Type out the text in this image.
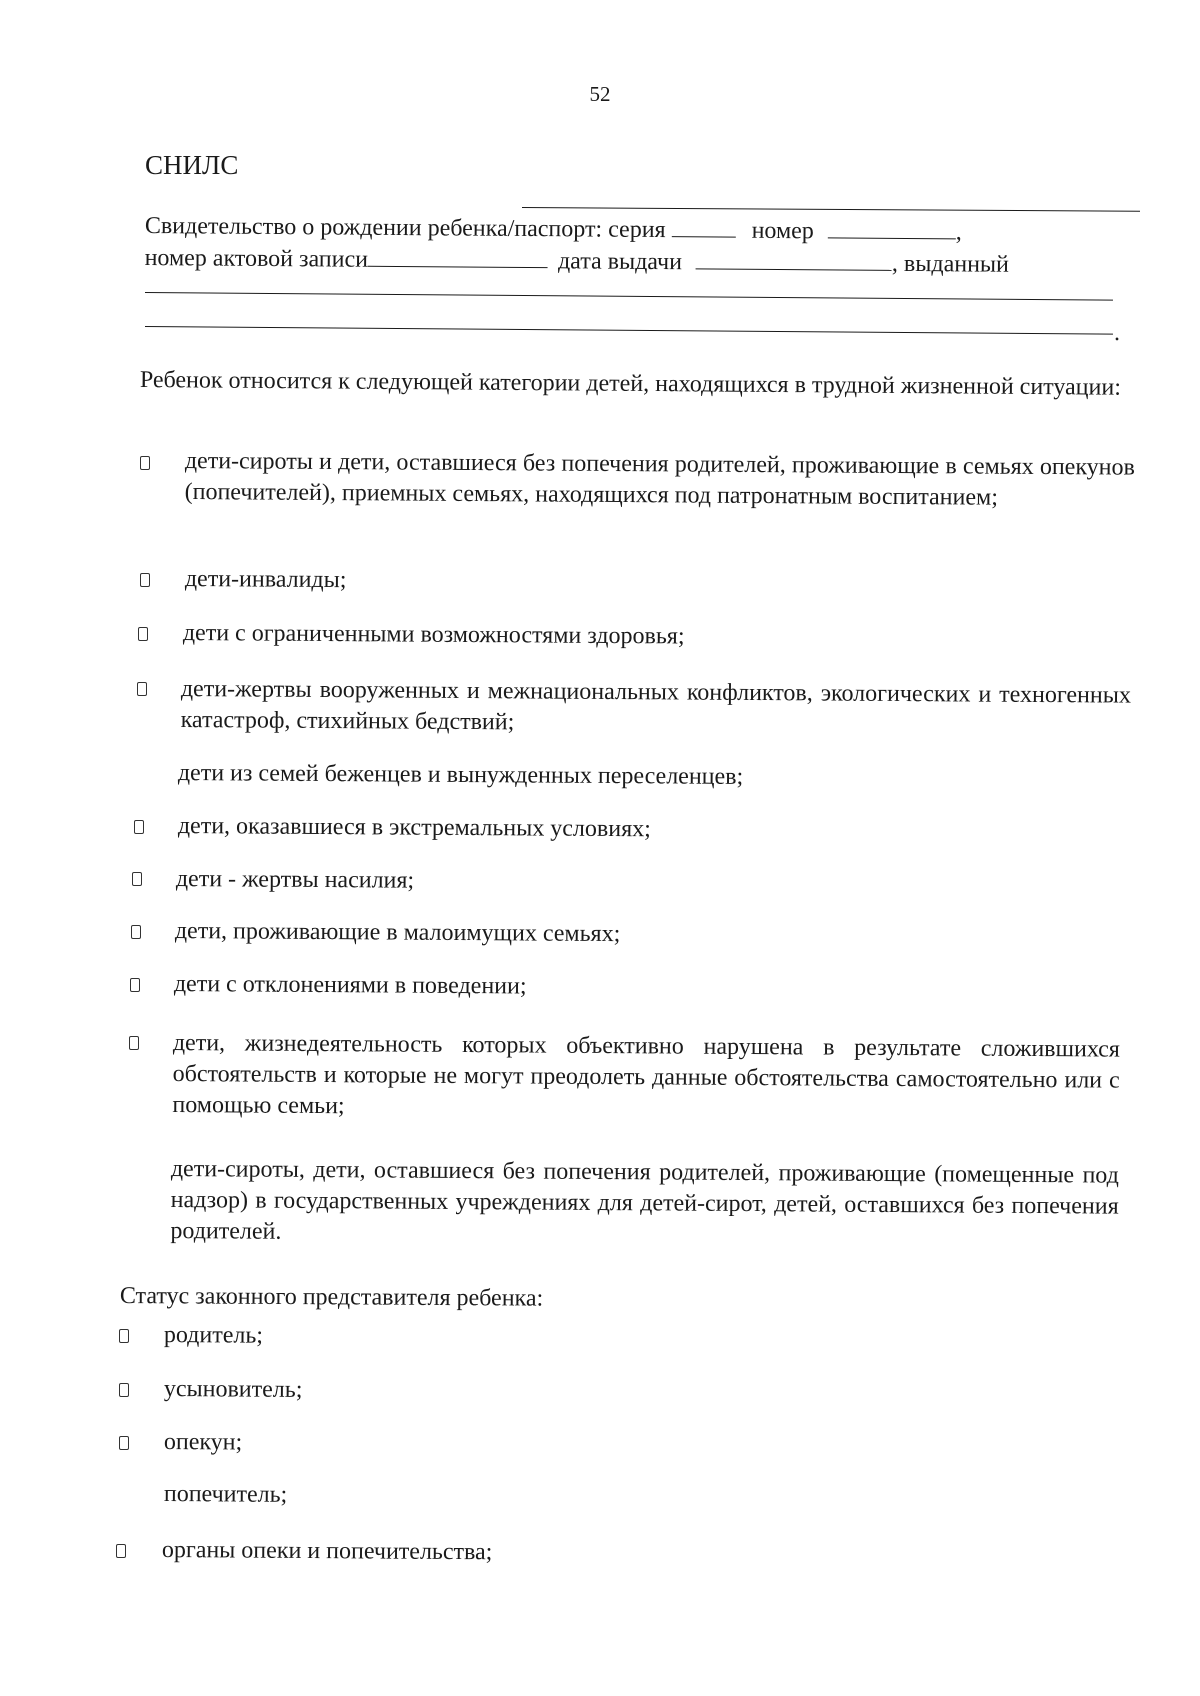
52
СНИЛС
Свидетельство о рождении ребенка/паспорт: серия	номер	,
номер актовой записи	дата выдачи	, выданный
.
Ребенок относится к следующей категории детей, находящихся в трудной жизненной ситуации:
дети-сироты и дети, оставшиеся без попечения родителей, проживающие в семьях опекунов (попечителей), приемных семьях, находящихся под патронатным воспитанием;
дети-инвалиды;
дети с ограниченными возможностями здоровья;
дети-жертвы вооруженных и межнациональных конфликтов, экологических и техногенных катастроф, стихийных бедствий;
дети из семей беженцев и вынужденных переселенцев;
дети, оказавшиеся в экстремальных условиях;
дети - жертвы насилия;
дети, проживающие в малоимущих семьях;
дети с отклонениями в поведении;
дети, жизнедеятельность которых объективно нарушена в результате сложившихся обстоятельств и которые не могут преодолеть данные обстоятельства самостоятельно или с помощью семьи;
дети-сироты, дети, оставшиеся без попечения родителей, проживающие (помещенные под надзор) в государственных учреждениях для детей-сирот, детей, оставшихся без попечения родителей.
Статус законного представителя ребенка:
родитель;
усыновитель;
опекун;
попечитель;
органы опеки и попечительства;
